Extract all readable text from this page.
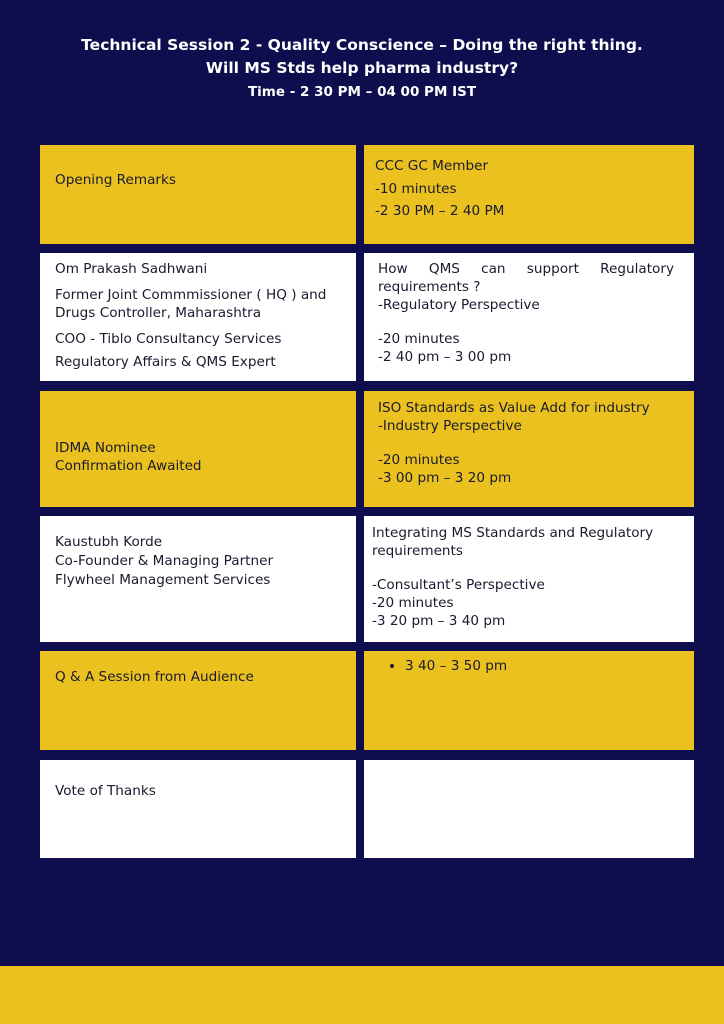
Technical Session 2 - Quality Conscience – Doing the right thing.
Will MS Stds help pharma industry?
Time - 2 30 PM – 04 00 PM IST
Opening Remarks
CCC GC Member
-10 minutes
-2 30 PM – 2 40 PM
Om Prakash Sadhwani
Former Joint Commmissioner ( HQ ) and
Drugs Controller, Maharashtra
COO - Tiblo Consultancy Services
Regulatory Affairs & QMS Expert
How QMS can support Regulatory
requirements ?
-Regulatory Perspective
-20 minutes
-2 40 pm – 3 00 pm
IDMA Nominee
Confirmation Awaited
ISO Standards as Value Add for industry
-Industry Perspective
-20 minutes
-3 00 pm – 3 20 pm
Kaustubh Korde
Co-Founder & Managing Partner
Flywheel Management Services
Integrating MS Standards and Regulatory
requirements
-Consultant’s Perspective
-20 minutes
-3 20 pm – 3 40 pm
Q & A Session from Audience
• 3 40 – 3 50 pm
Vote of Thanks
